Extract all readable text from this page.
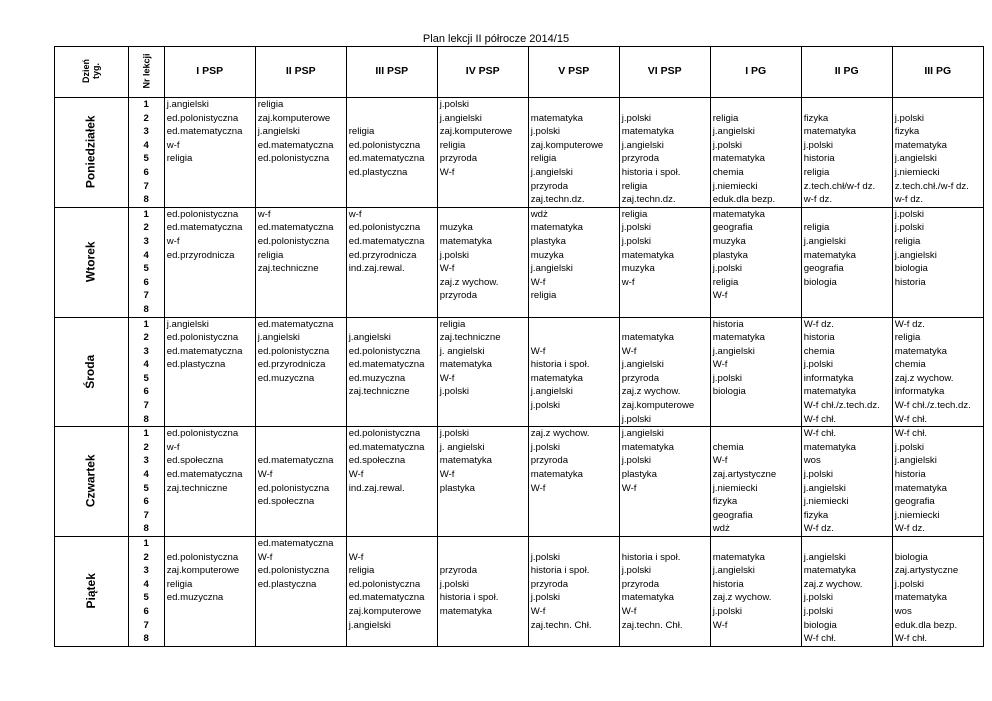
Plan lekcji II półrocze 2014/15
Dzień
tyg.	Nr lekcji	I PSP	II PSP	III PSP	IV PSP	V PSP	VI PSP	I PG	II PG	III PG
Poniedziałek	1	j.angielski	religia		j.polski					
	2	ed.polonistyczna	zaj.komputerowe		j.angielski	matematyka	j.polski	religia	fizyka	j.polski
	3	ed.matematyczna	j.angielski	religia	zaj.komputerowe	j.polski	matematyka	j.angielski	matematyka	fizyka
	4	w-f	ed.matematyczna	ed.polonistyczna	religia	zaj.komputerowe	j.angielski	j.polski	j.polski	matematyka
	5	religia	ed.polonistyczna	ed.matematyczna	przyroda	religia	przyroda	matematyka	historia	j.angielski
	6			ed.plastyczna	W-f	j.angielski	historia i społ.	chemia	religia	j.niemiecki
	7					przyroda	religia	j.niemiecki	z.tech.chł/w-f dz.	z.tech.chł./w-f dz.
	8					zaj.techn.dz.	zaj.techn.dz.	eduk.dla bezp.	w-f dz.	w-f dz.
Wtorek	1	ed.polonistyczna	w-f	w-f		wdż	religia	matematyka		j.polski
	2	ed.matematyczna	ed.matematyczna	ed.polonistyczna	muzyka	matematyka	j.polski	geografia	religia	j.polski
	3	w-f	ed.polonistyczna	ed.matematyczna	matematyka	plastyka	j.polski	muzyka	j.angielski	religia
	4	ed.przyrodnicza	religia	ed.przyrodnicza	j.polski	muzyka	matematyka	plastyka	matematyka	j.angielski
	5		zaj.techniczne	ind.zaj.rewal.	W-f	j.angielski	muzyka	j.polski	geografia	biologia
	6				zaj.z wychow.	W-f	w-f	religia	biologia	historia
	7				przyroda	religia		W-f		
	8									
Środa	1	j.angielski	ed.matematyczna		religia			historia	W-f dz.	W-f dz.
	2	ed.polonistyczna	j.angielski	j.angielski	zaj.techniczne		matematyka	matematyka	historia	religia
	3	ed.matematyczna	ed.polonistyczna	ed.polonistyczna	j. angielski	W-f	W-f	j.angielski	chemia	matematyka
	4	ed.plastyczna	ed.przyrodnicza	ed.matematyczna	matematyka	historia i społ.	j.angielski	W-f	j.polski	chemia
	5		ed.muzyczna	ed.muzyczna	W-f	matematyka	przyroda	j.polski	informatyka	zaj.z wychow.
	6			zaj.techniczne	j.polski	j.angielski	zaj.z wychow.	biologia	matematyka	informatyka
	7					j.polski	zaj.komputerowe		W-f chł./z.tech.dz.	W-f chł./z.tech.dz.
	8						j.polski		W-f chł.	W-f chł.
Czwartek	1	ed.polonistyczna		ed.polonistyczna	j.polski	zaj.z wychow.	j.angielski		W-f chł.	W-f chł.
	2	w-f		ed.matematyczna	j. angielski	j.polski	matematyka	chemia	matematyka	j.polski
	3	ed.społeczna	ed.matematyczna	ed.społeczna	matematyka	przyroda	j.polski	W-f	wos	j.angielski
	4	ed.matematyczna	W-f	W-f	W-f	matematyka	plastyka	zaj.artystyczne	j.polski	historia
	5	zaj.techniczne	ed.polonistyczna	ind.zaj.rewal.	plastyka	W-f	W-f	j.niemiecki	j.angielski	matematyka
	6		ed.społeczna					fizyka	j.niemiecki	geografia
	7							geografia	fizyka	j.niemiecki
	8							wdż	W-f dz.	W-f dz.
Piątek	1		ed.matematyczna							
	2	ed.polonistyczna	W-f	W-f		j.polski	historia i społ.	matematyka	j.angielski	biologia
	3	zaj.komputerowe	ed.polonistyczna	religia	przyroda	historia i społ.	j.polski	j.angielski	matematyka	zaj.artystyczne
	4	religia	ed.plastyczna	ed.polonistyczna	j.polski	przyroda	przyroda	historia	zaj.z wychow.	j.polski
	5	ed.muzyczna		ed.matematyczna	historia i społ.	j.polski	matematyka	zaj.z wychow.	j.polski	matematyka
	6			zaj.komputerowe	matematyka	W-f	W-f	j.polski	j.polski	wos
	7			j.angielski		zaj.techn. Chł.	zaj.techn. Chł.	W-f	biologia	eduk.dla bezp.
	8								W-f chł.	W-f chł.
